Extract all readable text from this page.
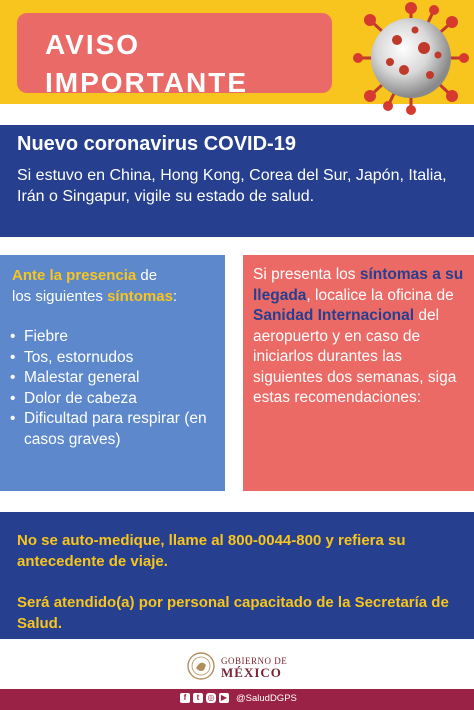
AVISO
IMPORTANTE
Nuevo coronavirus COVID-19
Si estuvo en China, Hong Kong, Corea del Sur, Japón, Italia, Irán o Singapur, vigile su estado de salud.
Ante la presencia de
los siguientes síntomas:
• Fiebre
• Tos, estornudos
• Malestar general
• Dolor de cabeza
• Dificultad para respirar (en casos graves)
Si presenta los síntomas a su llegada, localice la oficina de Sanidad Internacional del aeropuerto y en caso de iniciarlos durantes las siguientes dos semanas, siga estas recomendaciones:
No se auto-medique, llame al 800-0044-800 y refiera su antecedente de viaje.
Será atendido(a) por personal capacitado de la Secretaría de Salud.
GOBIERNO DE
MÉXICO
f	t	◎ ▶ @SaludDGPS
